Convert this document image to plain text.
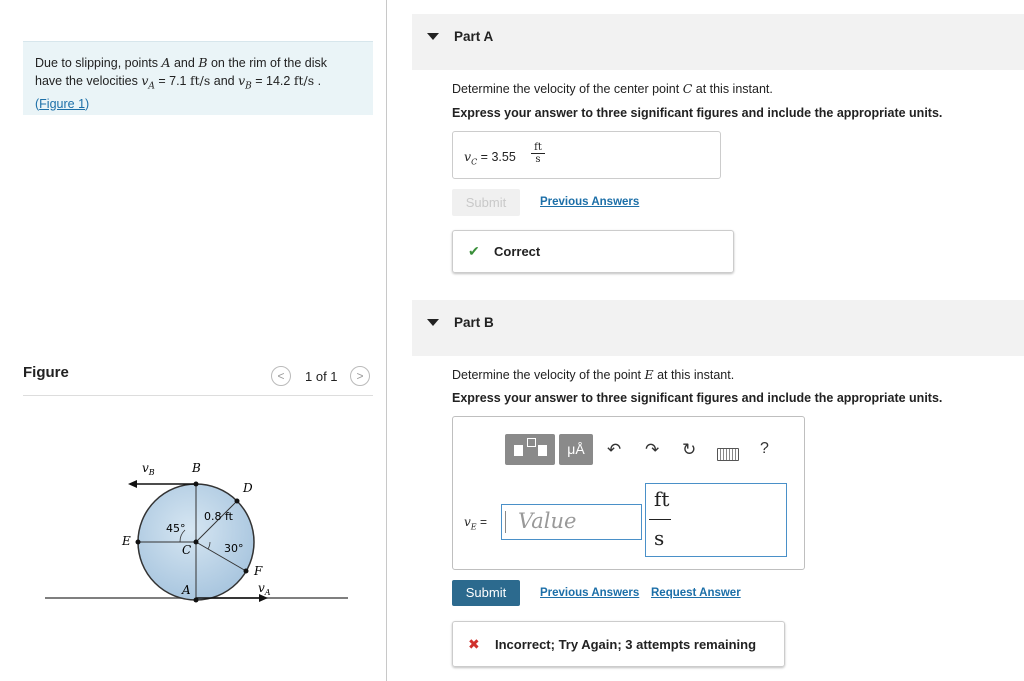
Due to slipping, points A and B on the rim of the disk
have the velocities $v_A = 7.1$ ft/s and $v_B = 14.2$ ft/s .
(Figure 1)
Figure	<	1 of 1	>
$v_B$	B
D
E
C
A
F
$v_A$
0.8 ft
45°
30°
Part A
Determine the velocity of the center point C at this instant.
Express your answer to three significant figures and include the appropriate units.
$v_C = 3.55 \frac{ft}{s}$
Submit	Previous Answers
✔ Correct
Part B
Determine the velocity of the point E at this instant.
Express your answer to three significant figures and include the appropriate units.
μÅ	↶ ↷ ↻	?
$v_E$ = Value
ft
s
Submit	Previous Answers Request Answer
✖ Incorrect; Try Again; 3 attempts remaining
